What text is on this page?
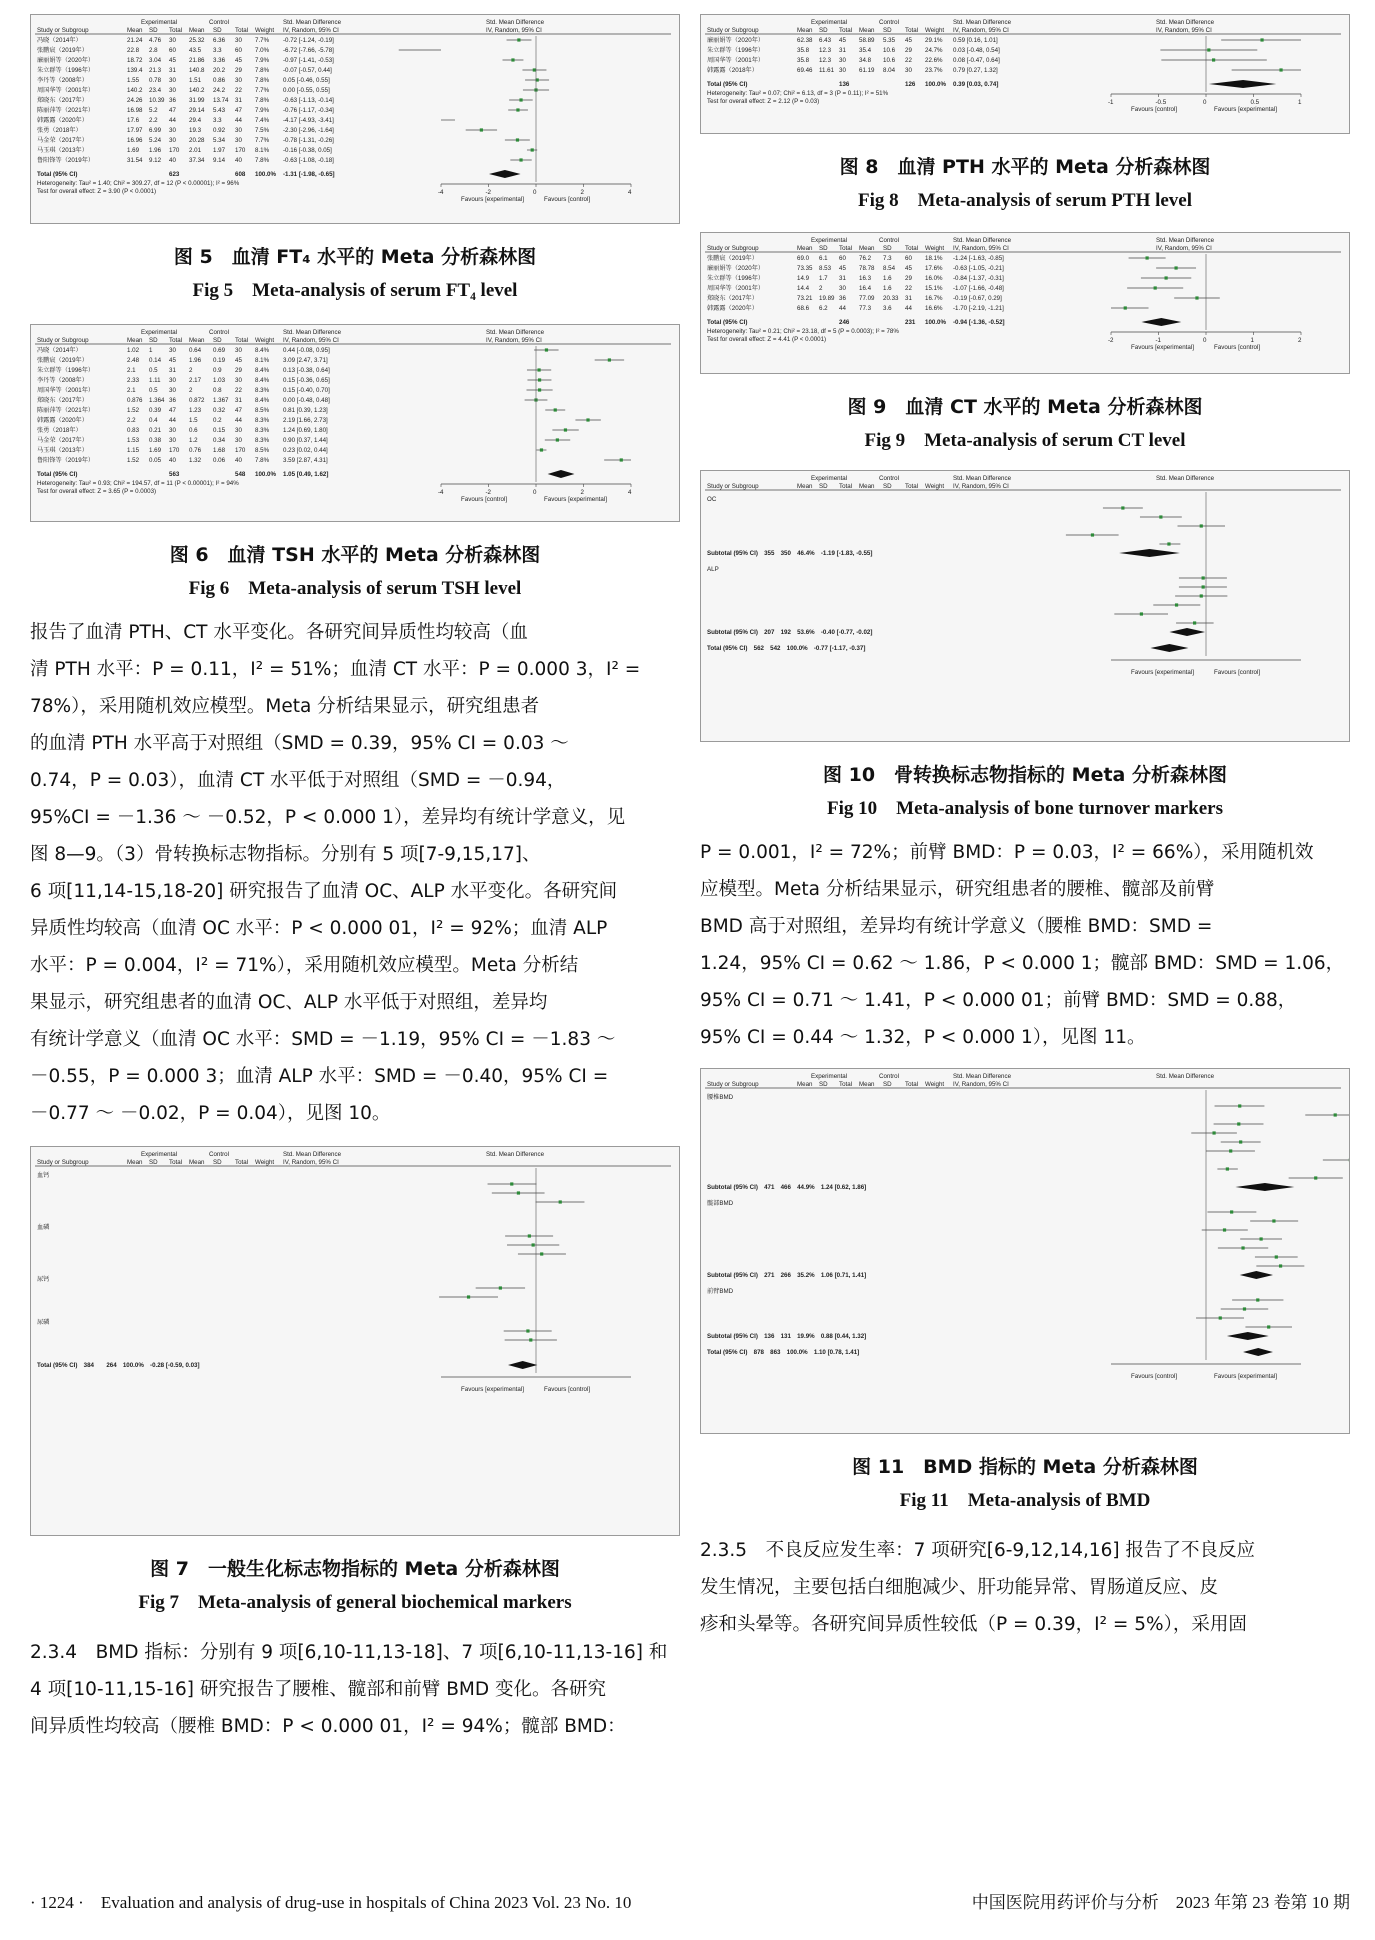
Experimental	Control	Std. Mean Difference	Std. Mean Difference
Study or Subgroup	Mean SD Total Mean SD Total Weight IV, Random, 95% CI	IV, Random, 95% CI
冯晓（2014年）	21.24 4.76 30 25.32 6.36 30 7.7% -0.72 [-1.24, -0.19]
张鹏宸（2019年）	22.8 2.8 60 43.5 3.3 60 7.0% -6.72 [-7.66, -5.78]
廉丽娟等（2020年）	18.72 3.04 45 21.86 3.36 45 7.9% -0.97 [-1.41, -0.53]
朱立群等（1996年）	139.4 21.3 31 140.8 20.2 29 7.8% -0.07 [-0.57, 0.44]
李丹等（2008年）	1.55 0.78 30 1.51 0.86 30 7.8% 0.05 [-0.46, 0.55]
周国华等（2001年）	140.2 23.4 30 140.2 24.2 22 7.7% 0.00 [-0.55, 0.55]
郑晓东（2017年）	24.26 10.39 36 31.99 13.74 31 7.8% -0.63 [-1.13, -0.14]
陈丽萍等（2021年）	16.98 5.2 47 29.14 5.43 47 7.9% -0.76 [-1.17, -0.34]
韩露露（2020年）	17.6 2.2 44 29.4 3.3 44 7.4% -4.17 [-4.93, -3.41]
张勇（2018年）	17.97 6.99 30 19.3 0.92 30 7.5% -2.30 [-2.96, -1.64]
马金荣（2017年）	16.96 5.24 30 20.28 5.34 30 7.7% -0.78 [-1.31, -0.26]
马玉琪（2013年）	1.69 1.96 170 2.01 1.97 170 8.1% -0.16 [-0.38, 0.05]
鲁阳锋等（2019年）	31.54 9.12 40 37.34 9.14 40 7.8% -0.63 [-1.08, -0.18]
Total (95% CI)	623	608 100.0% -1.31 [-1.98, -0.65]
Heterogeneity: Tau² = 1.40; Chi² = 309.27, df = 12 (P < 0.00001); I² = 96%
Test for overall effect: Z = 3.90 (P < 0.0001)	-4	-2	0	2	4
Favours [experimental]	Favours [control]
图 5　血清 FT₄ 水平的 Meta 分析森林图
Fig 5　Meta-analysis of serum FT₄ level
Experimental	Control	Std. Mean Difference	Std. Mean Difference
Study or Subgroup	Mean SD Total Mean SD Total Weight IV, Random, 95% CI	IV, Random, 95% CI
冯晓（2014年）	1.02 1	30 0.64 0.69 30 8.4% 0.44 [-0.08, 0.95]
张鹏宸（2019年）	2.48 0.14 45 1.96 0.19 45 8.1% 3.09 [2.47, 3.71]
朱立群等（1996年）	2.1 0.5 31 2	0.9 29 8.4% 0.13 [-0.38, 0.64]
李丹等（2008年）	2.33 1.11 30 2.17 1.03 30 8.4% 0.15 [-0.36, 0.65]
周国华等（2001年）	2.1 0.5 30 2	0.8 22 8.3% 0.15 [-0.40, 0.70]
郑晓东（2017年）	0.876 1.364 36 0.872 1.367 31 8.4% 0.00 [-0.48, 0.48]
陈丽萍等（2021年）	1.52 0.39 47 1.23 0.32 47 8.5% 0.81 [0.39, 1.23]
韩露露（2020年）	2.2 0.4 44 1.5 0.2 44 8.3% 2.19 [1.66, 2.73]
张勇（2018年）	0.83 0.21 30 0.6 0.15 30 8.3% 1.24 [0.69, 1.80]
马金荣（2017年）	1.53 0.38 30 1.2 0.34 30 8.3% 0.90 [0.37, 1.44]
马玉琪（2013年）	1.15 1.69 170 0.76 1.68 170 8.5% 0.23 [0.02, 0.44]
鲁阳锋等（2019年）	1.52 0.05 40 1.32 0.06 40 7.8% 3.59 [2.87, 4.31]
Total (95% CI)	563	548 100.0% 1.05 [0.49, 1.62]
Heterogeneity: Tau² = 0.93; Chi² = 194.57, df = 11 (P < 0.00001); I² = 94%
Test for overall effect: Z = 3.65 (P = 0.0003)	-4	-2	0	2	4
Favours [control]	Favours [experimental]
图 6　血清 TSH 水平的 Meta 分析森林图
Fig 6　Meta-analysis of serum TSH level
报告了血清 PTH、CT 水平变化。各研究间异质性均较高（血
清 PTH 水平：P = 0.11，I² = 51%；血清 CT 水平：P = 0.000 3，I² =
78%），采用随机效应模型。Meta 分析结果显示，研究组患者
的血清 PTH 水平高于对照组（SMD = 0.39，95% CI = 0.03 ～
0.74，P = 0.03），血清 CT 水平低于对照组（SMD = －0.94，
95%CI = －1.36 ～ －0.52，P < 0.000 1），差异均有统计学意义，见
图 8—9。（3）骨转换标志物指标。分别有 5 项[7-9,15,17]、
6 项[11,14-15,18-20] 研究报告了血清 OC、ALP 水平变化。各研究间
异质性均较高（血清 OC 水平：P < 0.000 01，I² = 92%；血清 ALP
水平：P = 0.004，I² = 71%），采用随机效应模型。Meta 分析结
果显示，研究组患者的血清 OC、ALP 水平低于对照组，差异均
有统计学意义（血清 OC 水平：SMD = －1.19，95% CI = －1.83 ～
－0.55，P = 0.000 3；血清 ALP 水平：SMD = －0.40，95% CI =
－0.77 ～ －0.02，P = 0.04），见图 10。
Experimental	Control	Std. Mean Difference	Std. Mean Difference
Study or Subgroup	Mean SD Total Mean SD Total Weight IV, Random, 95% CI
血钙
血磷
尿钙
尿磷
Total (95% CI)　384　　264　100.0%　-0.28 [-0.59, 0.03]
Favours [experimental]	Favours [control]
图 7　一般生化标志物指标的 Meta 分析森林图
Fig 7　Meta-analysis of general biochemical markers
2.3.4　BMD 指标：分别有 9 项[6,10-11,13-18]、7 项[6,10-11,13-16] 和
4 项[10-11,15-16] 研究报告了腰椎、髋部和前臂 BMD 变化。各研究
间异质性均较高（腰椎 BMD：P < 0.000 01，I² = 94%；髋部 BMD：
Experimental	Control	Std. Mean Difference	Std. Mean Difference
Study or Subgroup	Mean SD Total Mean SD Total Weight IV, Random, 95% CI	IV, Random, 95% CI
廉丽娟等（2020年）	62.38 6.43 45 58.89 5.35 45 29.1% 0.59 [0.16, 1.01]
朱立群等（1996年）	35.8 12.3 31 35.4 10.6 29 24.7% 0.03 [-0.48, 0.54]
周国华等（2001年）	35.8 12.3 30 34.8 10.6 22 22.6% 0.08 [-0.47, 0.64]
韩露露（2018年）	69.46 11.61 30 61.19 8.04 30 23.7% 0.79 [0.27, 1.32]
Total (95% CI)	136	126 100.0% 0.39 [0.03, 0.74]
Heterogeneity: Tau² = 0.07; Chi² = 6.13, df = 3 (P = 0.11); I² = 51%
Test for overall effect: Z = 2.12 (P = 0.03)	-1	-0.5	0	0.5	1
Favours [control]	Favours [experimental]
图 8　血清 PTH 水平的 Meta 分析森林图
Fig 8　Meta-analysis of serum PTH level
Experimental	Control	Std. Mean Difference	Std. Mean Difference
Study or Subgroup	Mean SD Total Mean SD Total Weight IV, Random, 95% CI	IV, Random, 95% CI
张鹏宸（2019年）	69.0 6.1 60 76.2 7.3 60 18.1% -1.24 [-1.63, -0.85]
廉丽娟等（2020年）	73.35 8.53 45 78.78 8.54 45 17.6% -0.63 [-1.05, -0.21]
朱立群等（1996年）	14.9 1.7 31 16.3 1.6 29 16.0% -0.84 [-1.37, -0.31]
周国华等（2001年）	14.4 2	30 16.4 1.6 22 15.1% -1.07 [-1.66, -0.48]
郑晓东（2017年）	73.21 19.89 36 77.09 20.33 31 16.7% -0.19 [-0.67, 0.29]
韩露露（2020年）	68.6 6.2 44 77.3 3.6 44 16.6% -1.70 [-2.19, -1.21]
Total (95% CI)	246	231 100.0% -0.94 [-1.36, -0.52]
Heterogeneity: Tau² = 0.21; Chi² = 23.18, df = 5 (P = 0.0003); I² = 78%
Test for overall effect: Z = 4.41 (P < 0.0001)	-2	-1	0	1	2
Favours [experimental]	Favours [control]
图 9　血清 CT 水平的 Meta 分析森林图
Fig 9　Meta-analysis of serum CT level
Experimental	Control	Std. Mean Difference	Std. Mean Difference
Study or Subgroup	Mean SD Total Mean SD Total Weight IV, Random, 95% CI
OC
Subtotal (95% CI)　355　350　46.4%　-1.19 [-1.83, -0.55]
ALP
Subtotal (95% CI)　207　192　53.6%　-0.40 [-0.77, -0.02]
Total (95% CI)　562　542　100.0%　-0.77 [-1.17, -0.37]
Favours [experimental]	Favours [control]
图 10　骨转换标志物指标的 Meta 分析森林图
Fig 10　Meta-analysis of bone turnover markers
P = 0.001，I² = 72%；前臂 BMD：P = 0.03，I² = 66%），采用随机效
应模型。Meta 分析结果显示，研究组患者的腰椎、髋部及前臂
BMD 高于对照组，差异均有统计学意义（腰椎 BMD：SMD =
1.24，95% CI = 0.62 ～ 1.86，P < 0.000 1；髋部 BMD：SMD = 1.06，
95% CI = 0.71 ～ 1.41，P < 0.000 01；前臂 BMD：SMD = 0.88，
95% CI = 0.44 ～ 1.32，P < 0.000 1），见图 11。
Experimental	Control	Std. Mean Difference	Std. Mean Difference
Study or Subgroup	Mean SD Total Mean SD Total Weight IV, Random, 95% CI
腰椎BMD
Subtotal (95% CI)　471　466　44.9%　1.24 [0.62, 1.86]
髋部BMD
Subtotal (95% CI)　271　266　35.2%　1.06 [0.71, 1.41]
前臂BMD
Subtotal (95% CI)　136　131　19.9%　0.88 [0.44, 1.32]
Total (95% CI)　878　863　100.0%　1.10 [0.78, 1.41]
Favours [control]	Favours [experimental]
图 11　BMD 指标的 Meta 分析森林图
Fig 11　Meta-analysis of BMD
2.3.5　不良反应发生率：7 项研究[6-9,12,14,16] 报告了不良反应
发生情况，主要包括白细胞减少、肝功能异常、胃肠道反应、皮
疹和头晕等。各研究间异质性较低（P = 0.39，I² = 5%），采用固
· 1224 ·　Evaluation and analysis of drug-use in hospitals of China 2023 Vol. 23 No. 10	中国医院用药评价与分析　2023 年第 23 卷第 10 期
